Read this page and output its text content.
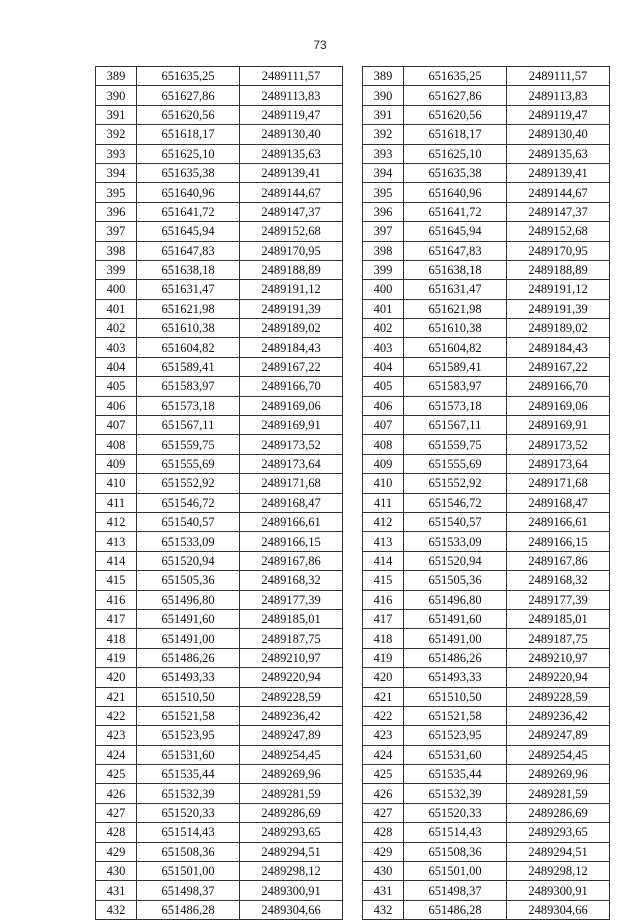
73
389	651635,25	2489111,57
390	651627,86	2489113,83
391	651620,56	2489119,47
392	651618,17	2489130,40
393	651625,10	2489135,63
394	651635,38	2489139,41
395	651640,96	2489144,67
396	651641,72	2489147,37
397	651645,94	2489152,68
398	651647,83	2489170,95
399	651638,18	2489188,89
400	651631,47	2489191,12
401	651621,98	2489191,39
402	651610,38	2489189,02
403	651604,82	2489184,43
404	651589,41	2489167,22
405	651583,97	2489166,70
406	651573,18	2489169,06
407	651567,11	2489169,91
408	651559,75	2489173,52
409	651555,69	2489173,64
410	651552,92	2489171,68
411	651546,72	2489168,47
412	651540,57	2489166,61
413	651533,09	2489166,15
414	651520,94	2489167,86
415	651505,36	2489168,32
416	651496,80	2489177,39
417	651491,60	2489185,01
418	651491,00	2489187,75
419	651486,26	2489210,97
420	651493,33	2489220,94
421	651510,50	2489228,59
422	651521,58	2489236,42
423	651523,95	2489247,89
424	651531,60	2489254,45
425	651535,44	2489269,96
426	651532,39	2489281,59
427	651520,33	2489286,69
428	651514,43	2489293,65
429	651508,36	2489294,51
430	651501,00	2489298,12
431	651498,37	2489300,91
432	651486,28	2489304,66
389	651635,25	2489111,57
390	651627,86	2489113,83
391	651620,56	2489119,47
392	651618,17	2489130,40
393	651625,10	2489135,63
394	651635,38	2489139,41
395	651640,96	2489144,67
396	651641,72	2489147,37
397	651645,94	2489152,68
398	651647,83	2489170,95
399	651638,18	2489188,89
400	651631,47	2489191,12
401	651621,98	2489191,39
402	651610,38	2489189,02
403	651604,82	2489184,43
404	651589,41	2489167,22
405	651583,97	2489166,70
406	651573,18	2489169,06
407	651567,11	2489169,91
408	651559,75	2489173,52
409	651555,69	2489173,64
410	651552,92	2489171,68
411	651546,72	2489168,47
412	651540,57	2489166,61
413	651533,09	2489166,15
414	651520,94	2489167,86
415	651505,36	2489168,32
416	651496,80	2489177,39
417	651491,60	2489185,01
418	651491,00	2489187,75
419	651486,26	2489210,97
420	651493,33	2489220,94
421	651510,50	2489228,59
422	651521,58	2489236,42
423	651523,95	2489247,89
424	651531,60	2489254,45
425	651535,44	2489269,96
426	651532,39	2489281,59
427	651520,33	2489286,69
428	651514,43	2489293,65
429	651508,36	2489294,51
430	651501,00	2489298,12
431	651498,37	2489300,91
432	651486,28	2489304,66
